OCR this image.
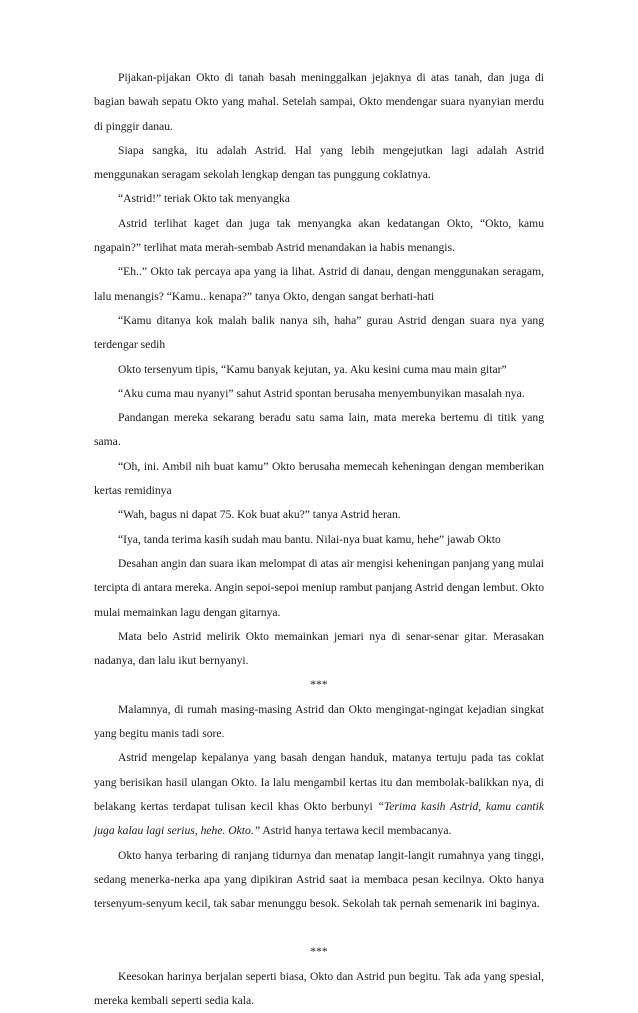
Pijakan-pijakan Okto di tanah basah meninggalkan jejaknya di atas tanah, dan juga di bagian bawah sepatu Okto yang mahal. Setelah sampai, Okto mendengar suara nyanyian merdu di pinggir danau.

Siapa sangka, itu adalah Astrid. Hal yang lebih mengejutkan lagi adalah Astrid menggunakan seragam sekolah lengkap dengan tas punggung coklatnya.

“Astrid!” teriak Okto tak menyangka

Astrid terlihat kaget dan juga tak menyangka akan kedatangan Okto, “Okto, kamu ngapain?” terlihat mata merah-sembab Astrid menandakan ia habis menangis.

“Eh..” Okto tak percaya apa yang ia lihat. Astrid di danau, dengan menggunakan seragam, lalu menangis? “Kamu.. kenapa?” tanya Okto, dengan sangat berhati-hati

“Kamu ditanya kok malah balik nanya sih, haha” gurau Astrid dengan suara nya yang terdengar sedih

Okto tersenyum tipis, “Kamu banyak kejutan, ya. Aku kesini cuma mau main gitar”

“Aku cuma mau nyanyi” sahut Astrid spontan berusaha menyembunyikan masalah nya.

Pandangan mereka sekarang beradu satu sama lain, mata mereka bertemu di titik yang sama.

“Oh, ini. Ambil nih buat kamu” Okto berusaha memecah keheningan dengan memberikan kertas remidinya

“Wah, bagus ni dapat 75. Kok buat aku?” tanya Astrid heran.

“Iya, tanda terima kasih sudah mau bantu. Nilai-nya buat kamu, hehe” jawab Okto

Desahan angin dan suara ikan melompat di atas air mengisi keheningan panjang yang mulai tercipta di antara mereka. Angin sepoi-sepoi meniup rambut panjang Astrid dengan lembut. Okto mulai memainkan lagu dengan gitarnya.

Mata belo Astrid melirik Okto memainkan jemari nya di senar-senar gitar. Merasakan nadanya, dan lalu ikut bernyanyi.

***

Malamnya, di rumah masing-masing Astrid dan Okto mengingat-ngingat kejadian singkat yang begitu manis tadi sore.

Astrid mengelap kepalanya yang basah dengan handuk, matanya tertuju pada tas coklat yang berisikan hasil ulangan Okto. Ia lalu mengambil kertas itu dan membolak-balikkan nya, di belakang kertas terdapat tulisan kecil khas Okto berbunyi “Terima kasih Astrid, kamu cantik juga kalau lagi serius, hehe. Okto.” Astrid hanya tertawa kecil membacanya.

Okto hanya terbaring di ranjang tidurnya dan menatap langit-langit rumahnya yang tinggi, sedang menerka-nerka apa yang dipikiran Astrid saat ia membaca pesan kecilnya. Okto hanya tersenyum-senyum kecil, tak sabar menunggu besok. Sekolah tak pernah semenarik ini baginya.

***

Keesokan harinya berjalan seperti biasa, Okto dan Astrid pun begitu. Tak ada yang spesial, mereka kembali seperti sedia kala.
